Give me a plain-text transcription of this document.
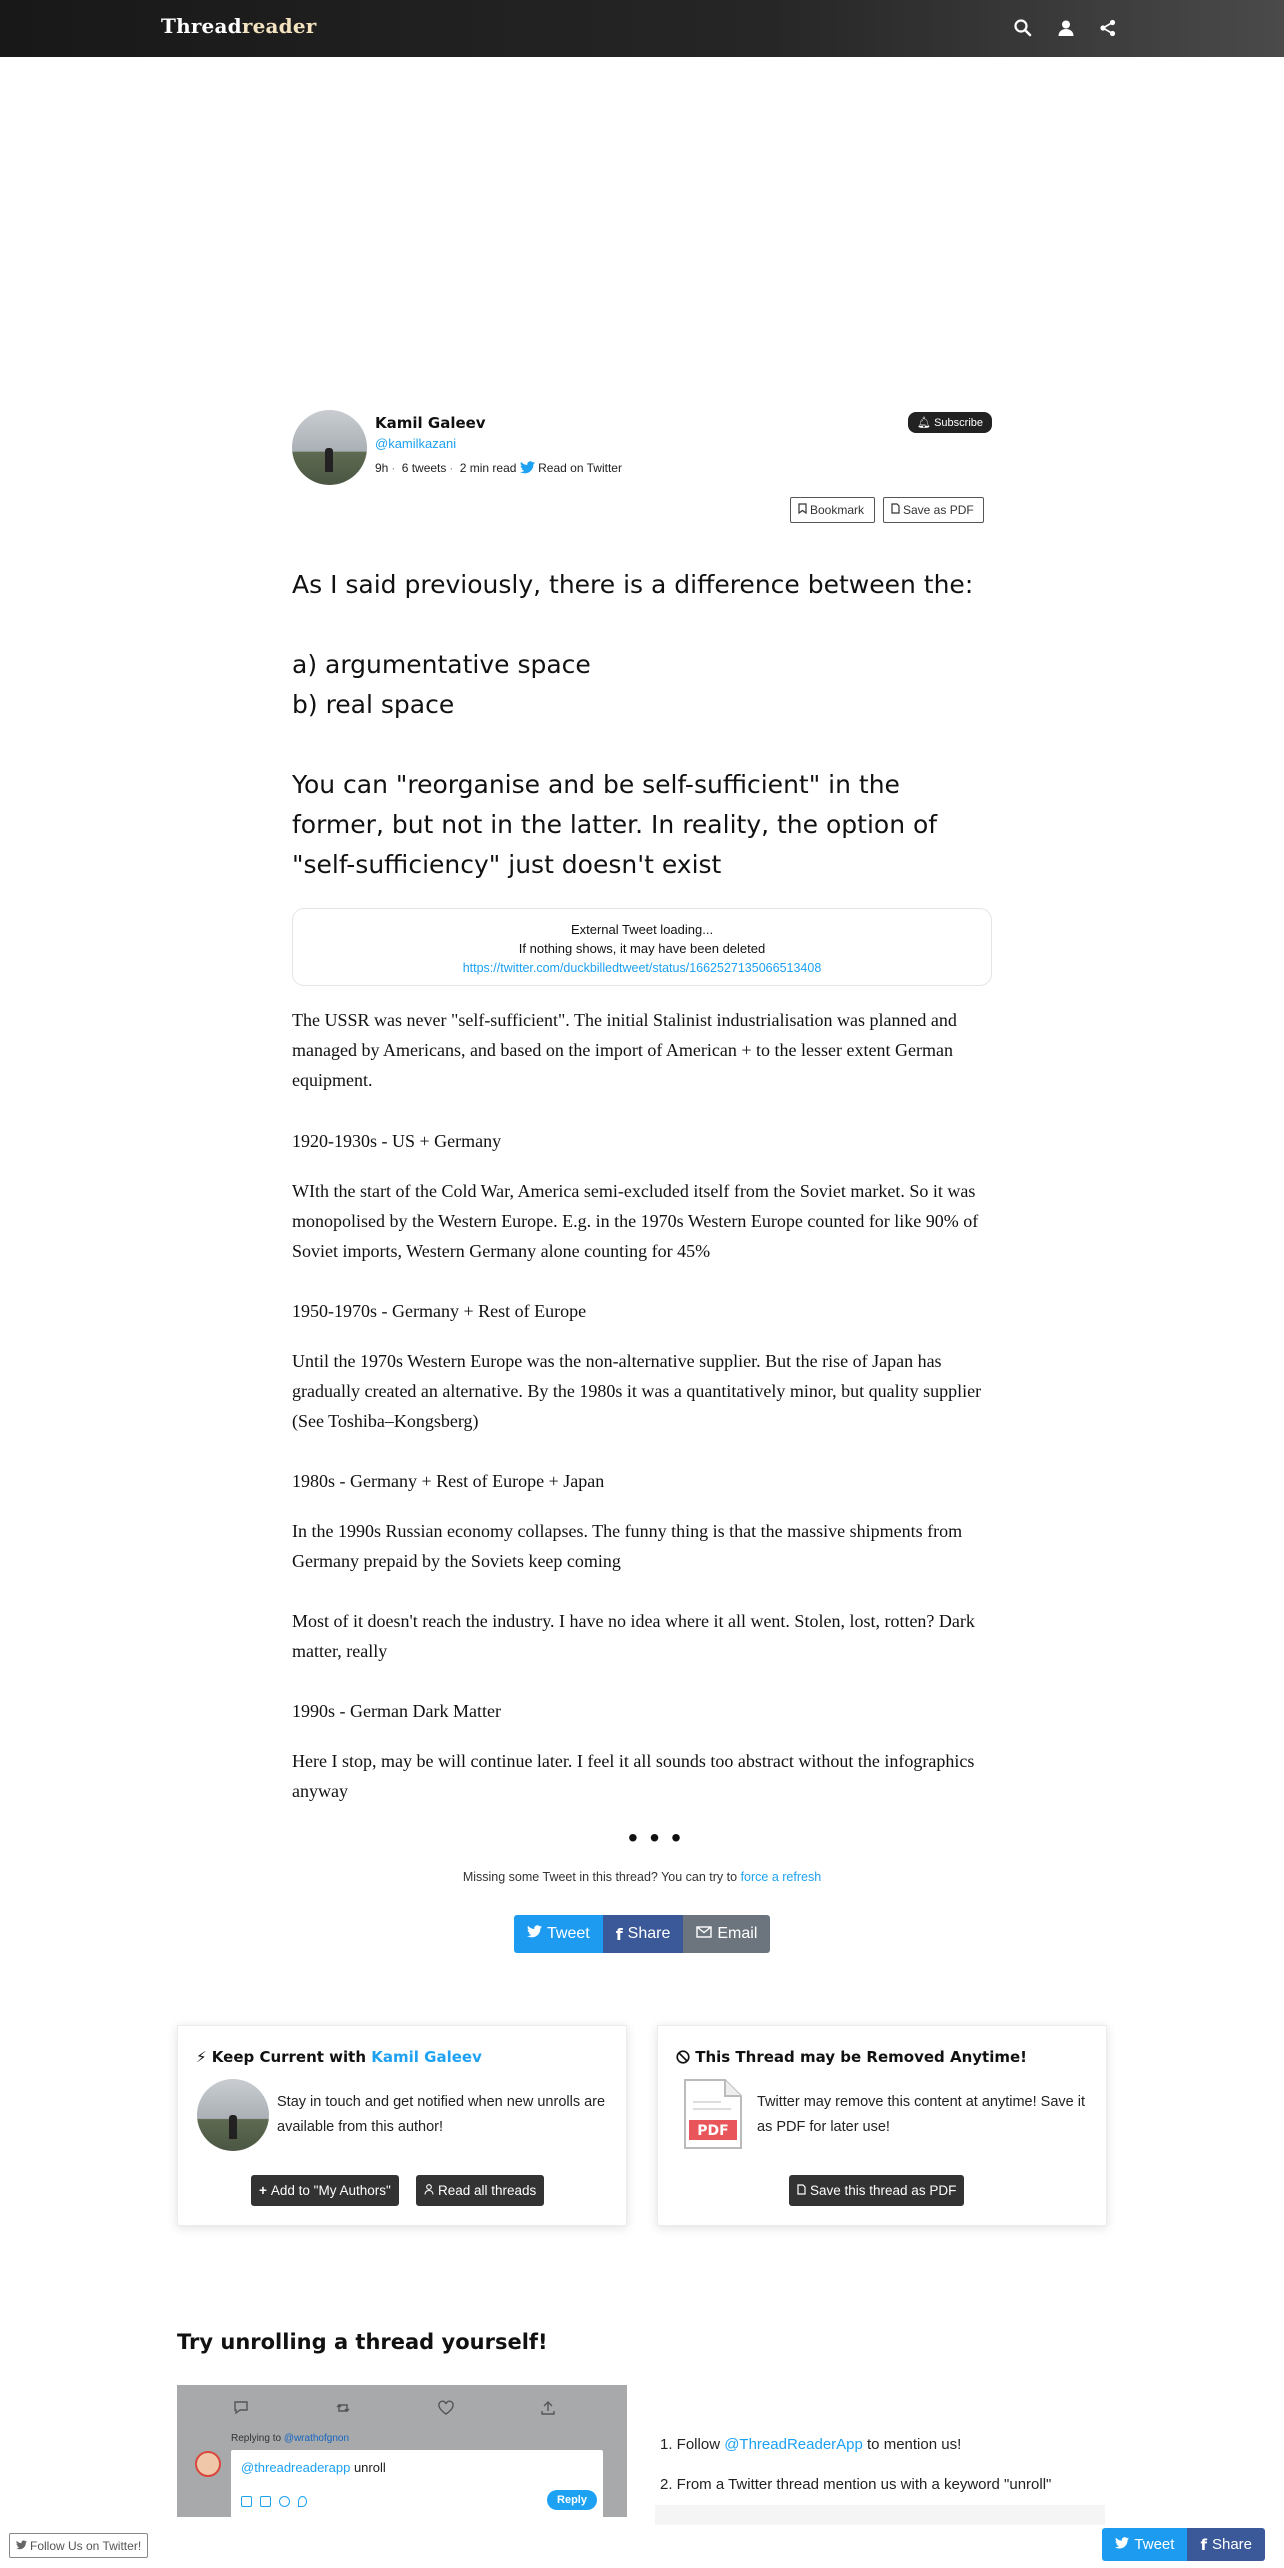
Threadreader
Kamil Galeev
@kamilkazani
9h · 6 tweets · 2 min read Read on Twitter
🔔︎ Subscribe
Bookmark	Save as PDF
As I said previously, there is a difference between the:

a) argumentative space
b) real space

You can "reorganise and be self-sufficient" in the former, but not in the latter. In reality, the option of "self-sufficiency" just doesn't exist
External Tweet loading...
If nothing shows, it may have been deleted
https://twitter.com/duckbilledtweet/status/1662527135066513408
The USSR was never "self-sufficient". The initial Stalinist industrialisation was planned and managed by Americans, and based on the import of American + to the lesser extent German equipment.
1920-1930s - US + Germany
WIth the start of the Cold War, America semi-excluded itself from the Soviet market. So it was monopolised by the Western Europe. E.g. in the 1970s Western Europe counted for like 90% of Soviet imports, Western Germany alone counting for 45%
1950-1970s - Germany + Rest of Europe
Until the 1970s Western Europe was the non-alternative supplier. But the rise of Japan has gradually created an alternative. By the 1980s it was a quantitatively minor, but quality supplier (See Toshiba–Kongsberg)
1980s - Germany + Rest of Europe + Japan
In the 1990s Russian economy collapses. The funny thing is that the massive shipments from Germany prepaid by the Soviets keep coming
Most of it doesn't reach the industry. I have no idea where it all went. Stolen, lost, rotten? Dark matter, really
1990s - German Dark Matter
Here I stop, may be will continue later. I feel it all sounds too abstract without the infographics anyway
• • •
Missing some Tweet in this thread? You can try to force a refresh
Tweet f Share	Email
⚡︎ Keep Current with Kamil Galeev
Stay in touch and get notified when new unrolls are available from this author!
+ Add to "My Authors"	Read all threads
This Thread may be Removed Anytime!
PDF
Twitter may remove this content at anytime! Save it as PDF for later use!
Save this thread as PDF
Try unrolling a thread yourself!
Replying to @wrathofgnon
@threadreaderapp unroll
Reply
1. Follow @ThreadReaderApp to mention us!
2. From a Twitter thread mention us with a keyword "unroll"
Follow Us on Twitter!	Tweet f Share
